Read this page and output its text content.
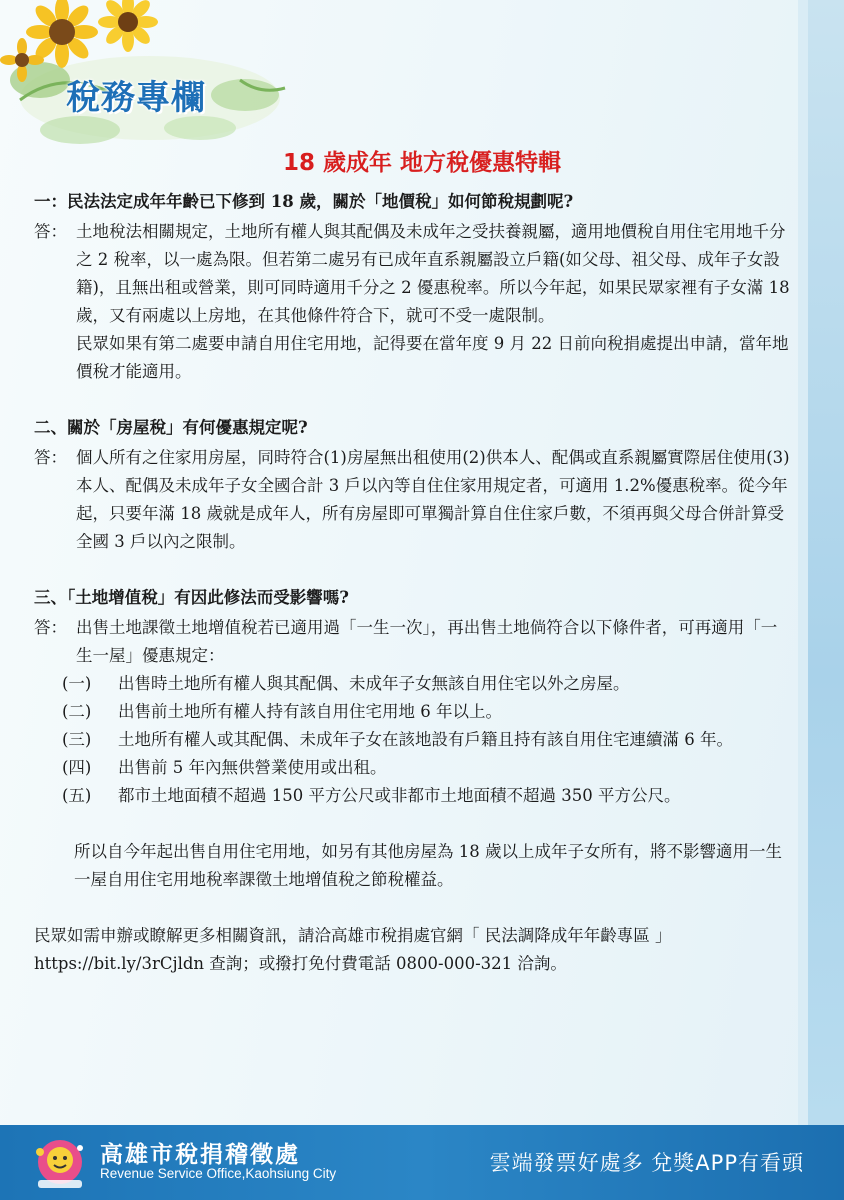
稅務專欄
18 歲成年 地方稅優惠特輯
一：民法法定成年年齡已下修到 18 歲，關於「地價稅」如何節稅規劃呢?
答： 土地稅法相關規定，土地所有權人與其配偶及未成年之受扶養親屬，適用地價稅自用住宅用地千分之 2 稅率，以一處為限。但若第二處另有已成年直系親屬設立戶籍(如父母、祖父母、成年子女設籍)，且無出租或營業，則可同時適用千分之 2 優惠稅率。所以今年起，如果民眾家裡有子女滿 18 歲，又有兩處以上房地，在其他條件符合下，就可不受一處限制。
民眾如果有第二處要申請自用住宅用地，記得要在當年度 9 月 22 日前向稅捐處提出申請，當年地價稅才能適用。
二、關於「房屋稅」有何優惠規定呢?
答： 個人所有之住家用房屋，同時符合(1)房屋無出租使用(2)供本人、配偶或直系親屬實際居住使用(3)本人、配偶及未成年子女全國合計 3 戶以內等自住住家用規定者，可適用 1.2%優惠稅率。從今年起，只要年滿 18 歲就是成年人，所有房屋即可單獨計算自住住家戶數，不須再與父母合併計算受全國 3 戶以內之限制。
三、「土地增值稅」有因此修法而受影響嗎?
答： 出售土地課徵土地增值稅若已適用過「一生一次」，再出售土地倘符合以下條件者，可再適用「一生一屋」優惠規定：
(一)	出售時土地所有權人與其配偶、未成年子女無該自用住宅以外之房屋。
(二)	出售前土地所有權人持有該自用住宅用地 6 年以上。
(三)	土地所有權人或其配偶、未成年子女在該地設有戶籍且持有該自用住宅連續滿 6 年。
(四)	出售前 5 年內無供營業使用或出租。
(五)	都市土地面積不超過 150 平方公尺或非都市土地面積不超過 350 平方公尺。
所以自今年起出售自用住宅用地，如另有其他房屋為 18 歲以上成年子女所有，將不影響適用一生一屋自用住宅用地稅率課徵土地增值稅之節稅權益。
民眾如需申辦或瞭解更多相關資訊，請洽高雄市稅捐處官網「 民法調降成年年齡專區 」https://bit.ly/3rCjldn 查詢；或撥打免付費電話 0800-000-321 洽詢。
高雄市稅捐稽徵處
Revenue Service Office,Kaohsiung City	雲端發票好處多 兌獎APP有看頭
